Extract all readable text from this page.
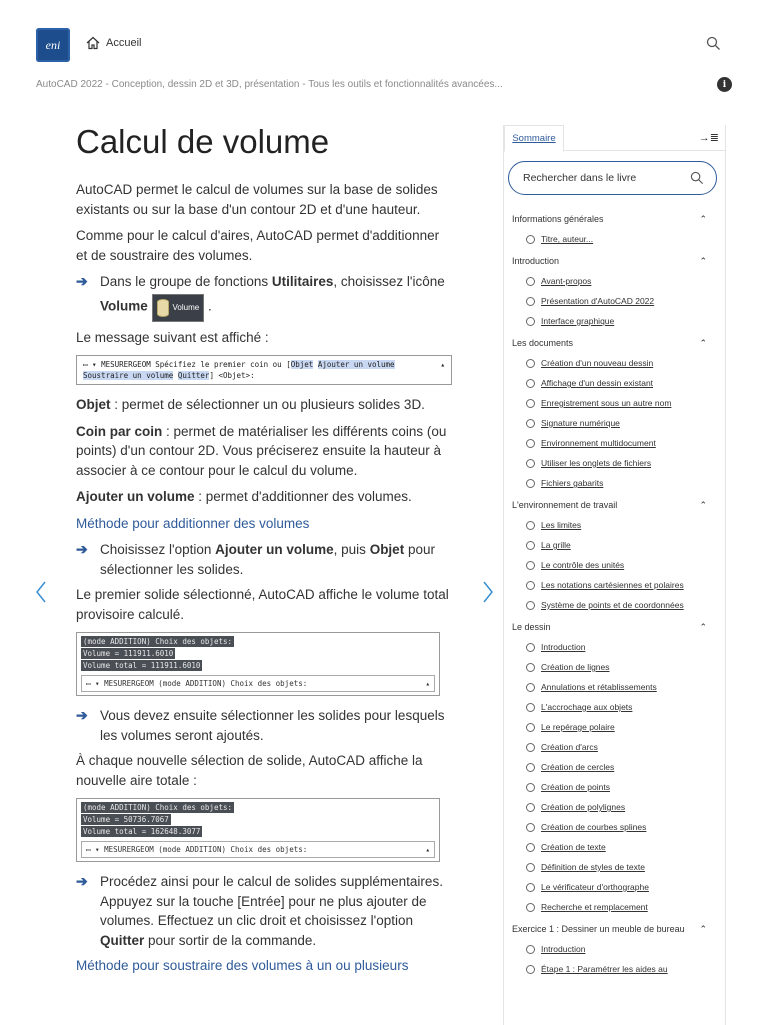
eni	Accueil
AutoCAD 2022 - Conception, dessin 2D et 3D, présentation - Tous les outils et fonctionnalités avancées...	i
Calcul de volume

AutoCAD permet le calcul de volumes sur la base de solides existants ou sur la base d'un contour 2D et d'une hauteur.

Comme pour le calcul d'aires, AutoCAD permet d'additionner et de soustraire des volumes.

➔ Dans le groupe de fonctions Utilitaires, choisissez l'icône
Volume	Volume .

Le message suivant est affiché :

▭ ▾ MESURERGEOM Spécifiez le premier coin ou [Objet Ajouter un volume
Soustraire un volume Quitter] <Objet>:
▴

Objet : permet de sélectionner un ou plusieurs solides 3D.

Coin par coin : permet de matérialiser les différents coins (ou points) d'un contour 2D. Vous préciserez ensuite la hauteur à associer à ce contour pour le calcul du volume.

Ajouter un volume : permet d'additionner des volumes.

Méthode pour additionner des volumes
➔ Choisissez l'option Ajouter un volume, puis Objet pour sélectionner les solides.

Le premier solide sélectionné, AutoCAD affiche le volume total provisoire calculé.

(mode ADDITION) Choix des objets:
Volume = 111911.6010
Volume total = 111911.6010
▭ ▾ MESURERGEOM (mode ADDITION) Choix des objets:	▴
➔ Vous devez ensuite sélectionner les solides pour lesquels les volumes seront ajoutés.

À chaque nouvelle sélection de solide, AutoCAD affiche la nouvelle aire totale :

(mode ADDITION) Choix des objets:
Volume = 50736.7067
Volume total = 162648.3077
▭ ▾ MESURERGEOM (mode ADDITION) Choix des objets:	▴
➔ Procédez ainsi pour le calcul de solides supplémentaires. Appuyez sur la touche [Entrée] pour ne plus ajouter de volumes. Effectuez un clic droit et choisissez l'option Quitter pour sortir de la commande.
Méthode pour soustraire des volumes à un ou plusieurs
Sommaire	→≣
Rechercher dans le livre
Informations générales	⌃
Titre, auteur...
Introduction	⌃
Avant-propos
Présentation d'AutoCAD 2022
Interface graphique
Les documents	⌃
Création d'un nouveau dessin
Affichage d'un dessin existant
Enregistrement sous un autre nom
Signature numérique
Environnement multidocument
Utiliser les onglets de fichiers
Fichiers gabarits
L'environnement de travail	⌃
Les limites
La grille
Le contrôle des unités
Les notations cartésiennes et polaires
Système de points et de coordonnées
Le dessin	⌃
Introduction
Création de lignes
Annulations et rétablissements
L'accrochage aux objets
Le repérage polaire
Création d'arcs
Création de cercles
Création de points
Création de polylignes
Création de courbes splines
Création de texte
Définition de styles de texte
Le vérificateur d'orthographe
Recherche et remplacement
Exercice 1 : Dessiner un meuble de bureau ⌃
Introduction
Étape 1 : Paramétrer les aides au
